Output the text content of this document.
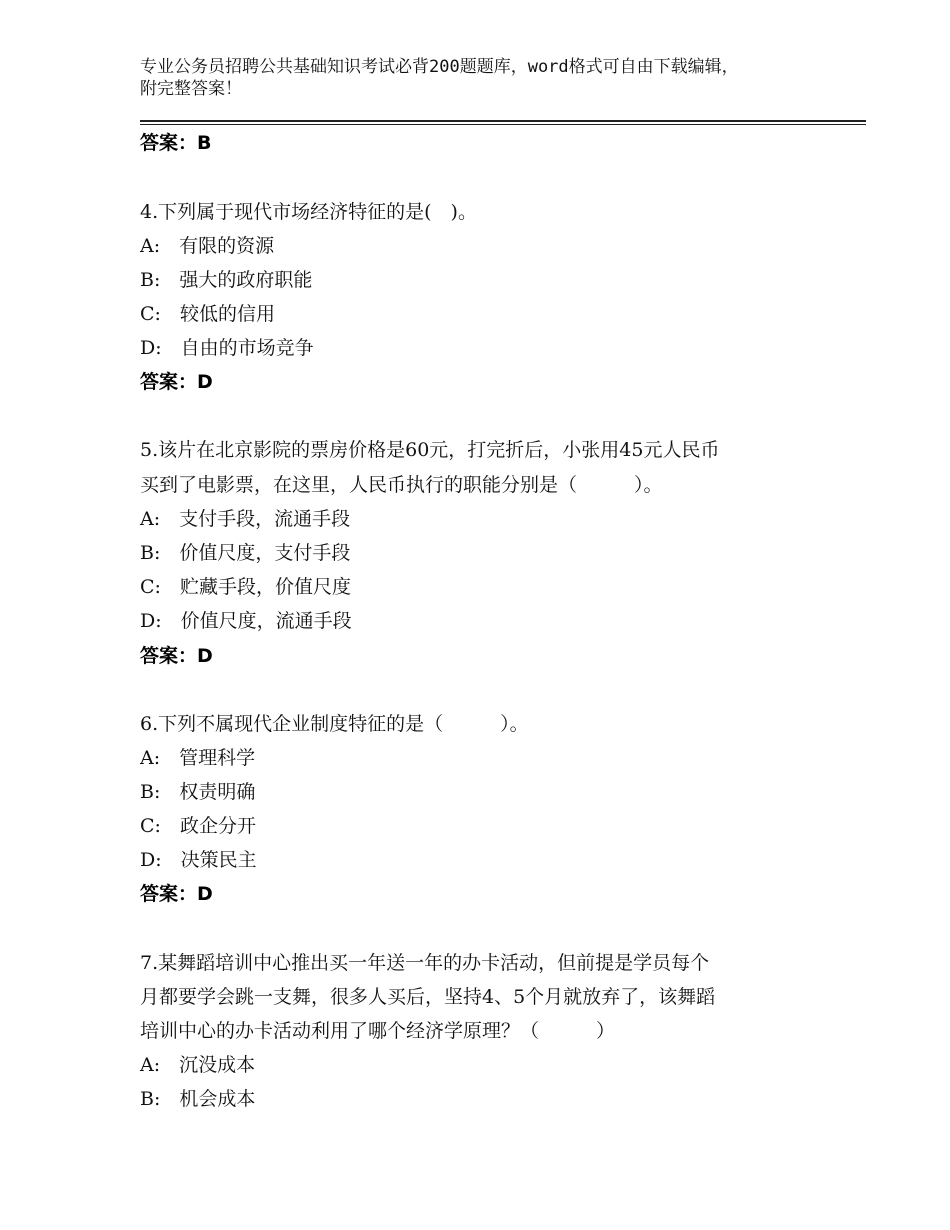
专业公务员招聘公共基础知识考试必背200题题库，word格式可自由下载编辑，
附完整答案！
答案：B
4.下列属于现代市场经济特征的是(　)。
A:　有限的资源
B:　强大的政府职能
C:　较低的信用
D:　自由的市场竞争
答案：D
5.该片在北京影院的票房价格是60元，打完折后，小张用45元人民币
买到了电影票，在这里，人民币执行的职能分别是（　　　）。
A:　支付手段，流通手段
B:　价值尺度，支付手段
C:　贮藏手段，价值尺度
D:　价值尺度，流通手段
答案：D
6.下列不属现代企业制度特征的是（　　　）。
A:　管理科学
B:　权责明确
C:　政企分开
D:　决策民主
答案：D
7.某舞蹈培训中心推出买一年送一年的办卡活动，但前提是学员每个
月都要学会跳一支舞，很多人买后，坚持4、5个月就放弃了，该舞蹈
培训中心的办卡活动利用了哪个经济学原理？（　　　）
A:　沉没成本
B:　机会成本
